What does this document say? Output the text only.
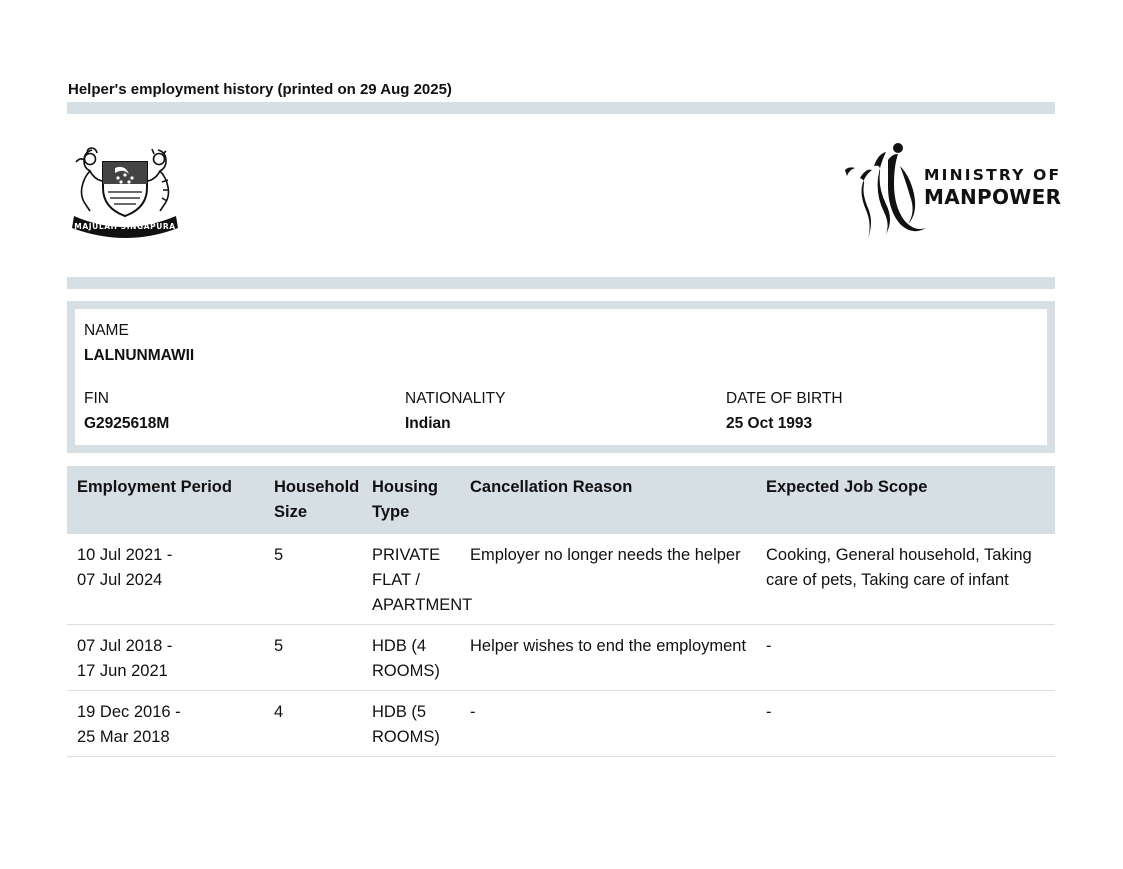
Helper's employment history (printed on 29 Aug 2025)
MAJULAH SINGAPURA
MINISTRY OF
MANPOWER
NAME
LALNUNMAWII
FIN
G2925618M
NATIONALITY
Indian
DATE OF BIRTH
25 Oct 1993
Employment Period	Household Size	Housing Type	Cancellation Reason	Expected Job Scope

10 Jul 2021 -
07 Jul 2024	5	PRIVATE FLAT / APARTMENT	Employer no longer needs the helper	Cooking, General household, Taking care of pets, Taking care of infant

07 Jul 2018 -
17 Jun 2021	5	HDB (4 ROOMS)	Helper wishes to end the employment	-

19 Dec 2016 -
25 Mar 2018	4	HDB (5 ROOMS)	-	-
